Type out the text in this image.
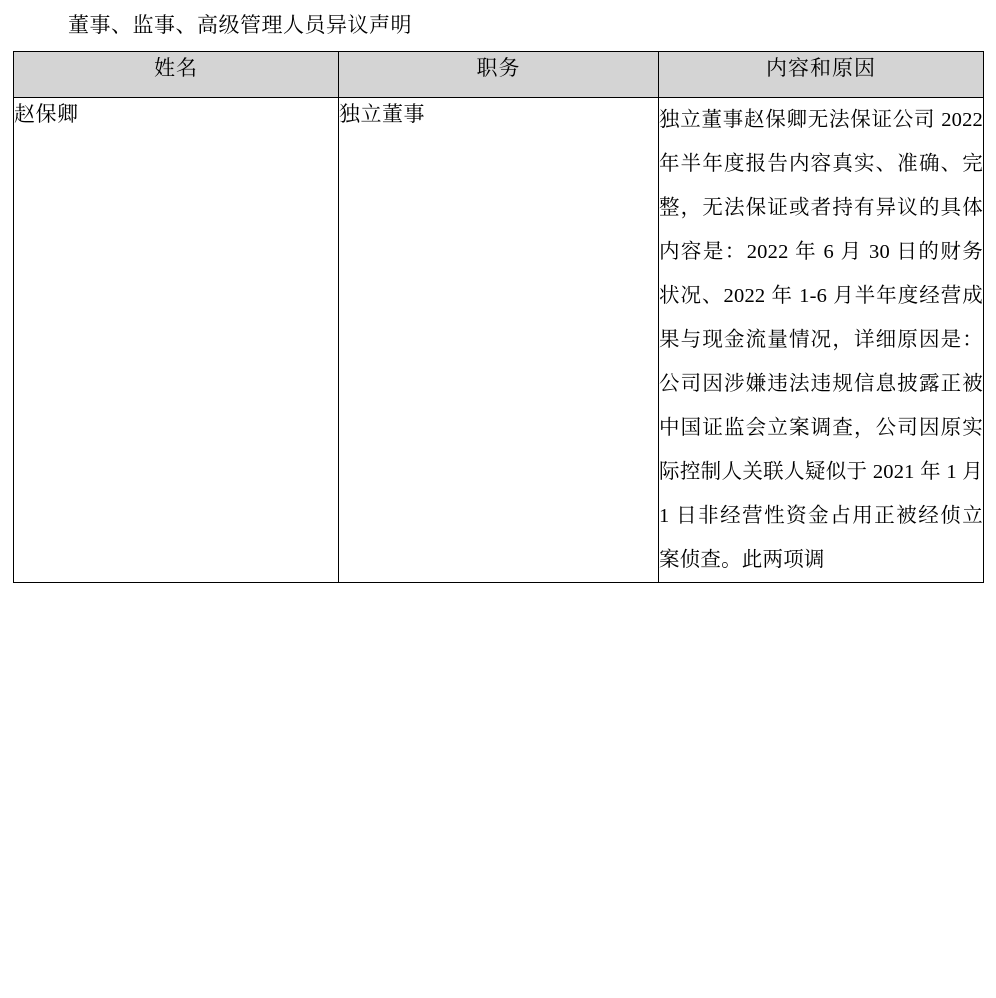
董事、监事、高级管理人员异议声明
姓名	职务	内容和原因
赵保卿	独立董事	独立董事赵保卿无法保证公司 2022 年半年度报告内容真实、准确、完整，无法保证或者持有异议的具体内容是：2022 年 6 月 30 日的财务状况、2022 年 1-6 月半年度经营成果与现金流量情况，详细原因是：公司因涉嫌违法违规信息披露正被中国证监会立案调查，公司因原实际控制人关联人疑似于 2021 年 1 月 1 日非经营性资金占用正被经侦立案侦查。此两项调
